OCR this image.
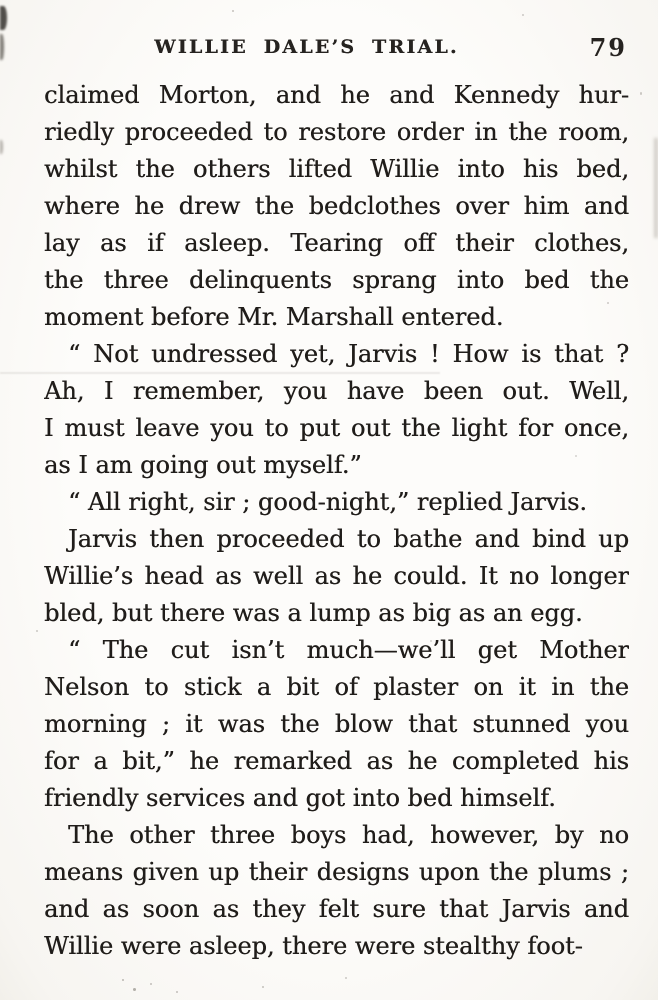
WILLIE DALE’S TRIAL.	79
claimed Morton, and he and Kennedy hur-
riedly proceeded to restore order in the room,
whilst the others lifted Willie into his bed,
where he drew the bedclothes over him and
lay as if asleep. Tearing off their clothes,
the three delinquents sprang into bed the
moment before Mr. Marshall entered.
“ Not undressed yet, Jarvis ! How is that ?
Ah, I remember, you have been out. Well,
I must leave you to put out the light for once,
as I am going out myself.”
“ All right, sir ; good-night,” replied Jarvis.
Jarvis then proceeded to bathe and bind up
Willie’s head as well as he could. It no longer
bled, but there was a lump as big as an egg.
“ The cut isn’t much—we’ll get Mother
Nelson to stick a bit of plaster on it in the
morning ; it was the blow that stunned you
for a bit,” he remarked as he completed his
friendly services and got into bed himself.
The other three boys had, however, by no
means given up their designs upon the plums ;
and as soon as they felt sure that Jarvis and
Willie were asleep, there were stealthy foot-
